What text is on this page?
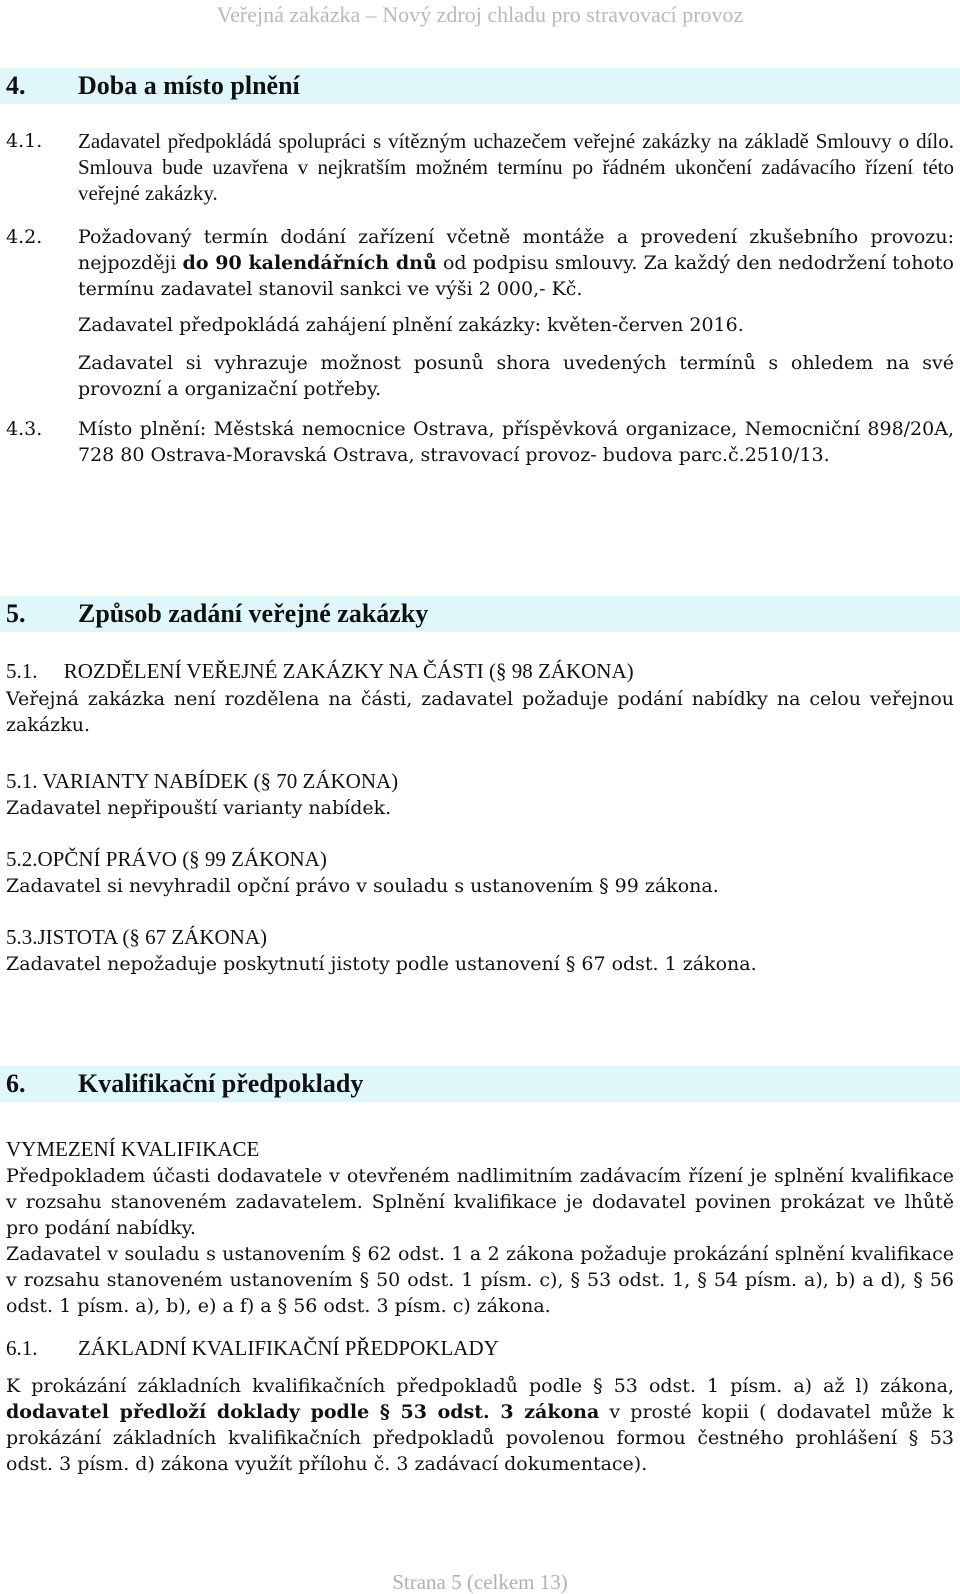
Veřejná zakázka – Nový zdroj chladu pro stravovací provoz
4. Doba a místo plnění
4.1. Zadavatel předpokládá spolupráci s vítězným uchazečem veřejné zakázky na základě Smlouvy o dílo. Smlouva bude uzavřena v nejkratším možném termínu po řádném ukončení zadávacího řízení této veřejné zakázky.
4.2. Požadovaný termín dodání zařízení včetně montáže a provedení zkušebního provozu: nejpozději do 90 kalendářních dnů od podpisu smlouvy. Za každý den nedodržení tohoto termínu zadavatel stanovil sankci ve výši 2 000,- Kč.
Zadavatel předpokládá zahájení plnění zakázky: květen-červen 2016.
Zadavatel si vyhrazuje možnost posunů shora uvedených termínů s ohledem na své provozní a organizační potřeby.
4.3. Místo plnění: Městská nemocnice Ostrava, příspěvková organizace, Nemocniční 898/20A, 728 80 Ostrava-Moravská Ostrava, stravovací provoz- budova parc.č.2510/13.
5. Způsob zadání veřejné zakázky
5.1.     ROZDĚLENÍ VEŘEJNÉ ZAKÁZKY NA ČÁSTI (§ 98 ZÁKONA)
Veřejná zakázka není rozdělena na části, zadavatel požaduje podání nabídky na celou veřejnou zakázku.
5.1. VARIANTY NABÍDEK (§ 70 ZÁKONA)
Zadavatel nepřipouští varianty nabídek.
5.2.OPČNÍ PRÁVO (§ 99 ZÁKONA)
Zadavatel si nevyhradil opční právo v souladu s ustanovením § 99 zákona.
5.3.JISTOTA (§ 67 ZÁKONA)
Zadavatel nepožaduje poskytnutí jistoty podle ustanovení § 67 odst. 1 zákona.
6. Kvalifikační předpoklady
VYMEZENÍ KVALIFIKACE
Předpokladem účasti dodavatele v otevřeném nadlimitním zadávacím řízení je splnění kvalifikace v rozsahu stanoveném zadavatelem. Splnění kvalifikace je dodavatel povinen prokázat ve lhůtě pro podání nabídky.
Zadavatel v souladu s ustanovením § 62 odst. 1 a 2 zákona požaduje prokázání splnění kvalifikace v rozsahu stanoveném ustanovením § 50 odst. 1 písm. c), § 53 odst. 1, § 54 písm. a), b) a d), § 56 odst. 1 písm. a), b), e) a f) a § 56 odst. 3 písm. c) zákona.
6.1. ZÁKLADNÍ KVALIFIKAČNÍ PŘEDPOKLADY
K prokázání základních kvalifikačních předpokladů podle § 53 odst. 1 písm. a) až l) zákona, dodavatel předloží doklady podle § 53 odst. 3 zákona v prosté kopii ( dodavatel může k prokázání základních kvalifikačních předpokladů povolenou formou čestného prohlášení § 53 odst. 3 písm. d) zákona využít přílohu č. 3 zadávací dokumentace).
Strana 5 (celkem 13)
